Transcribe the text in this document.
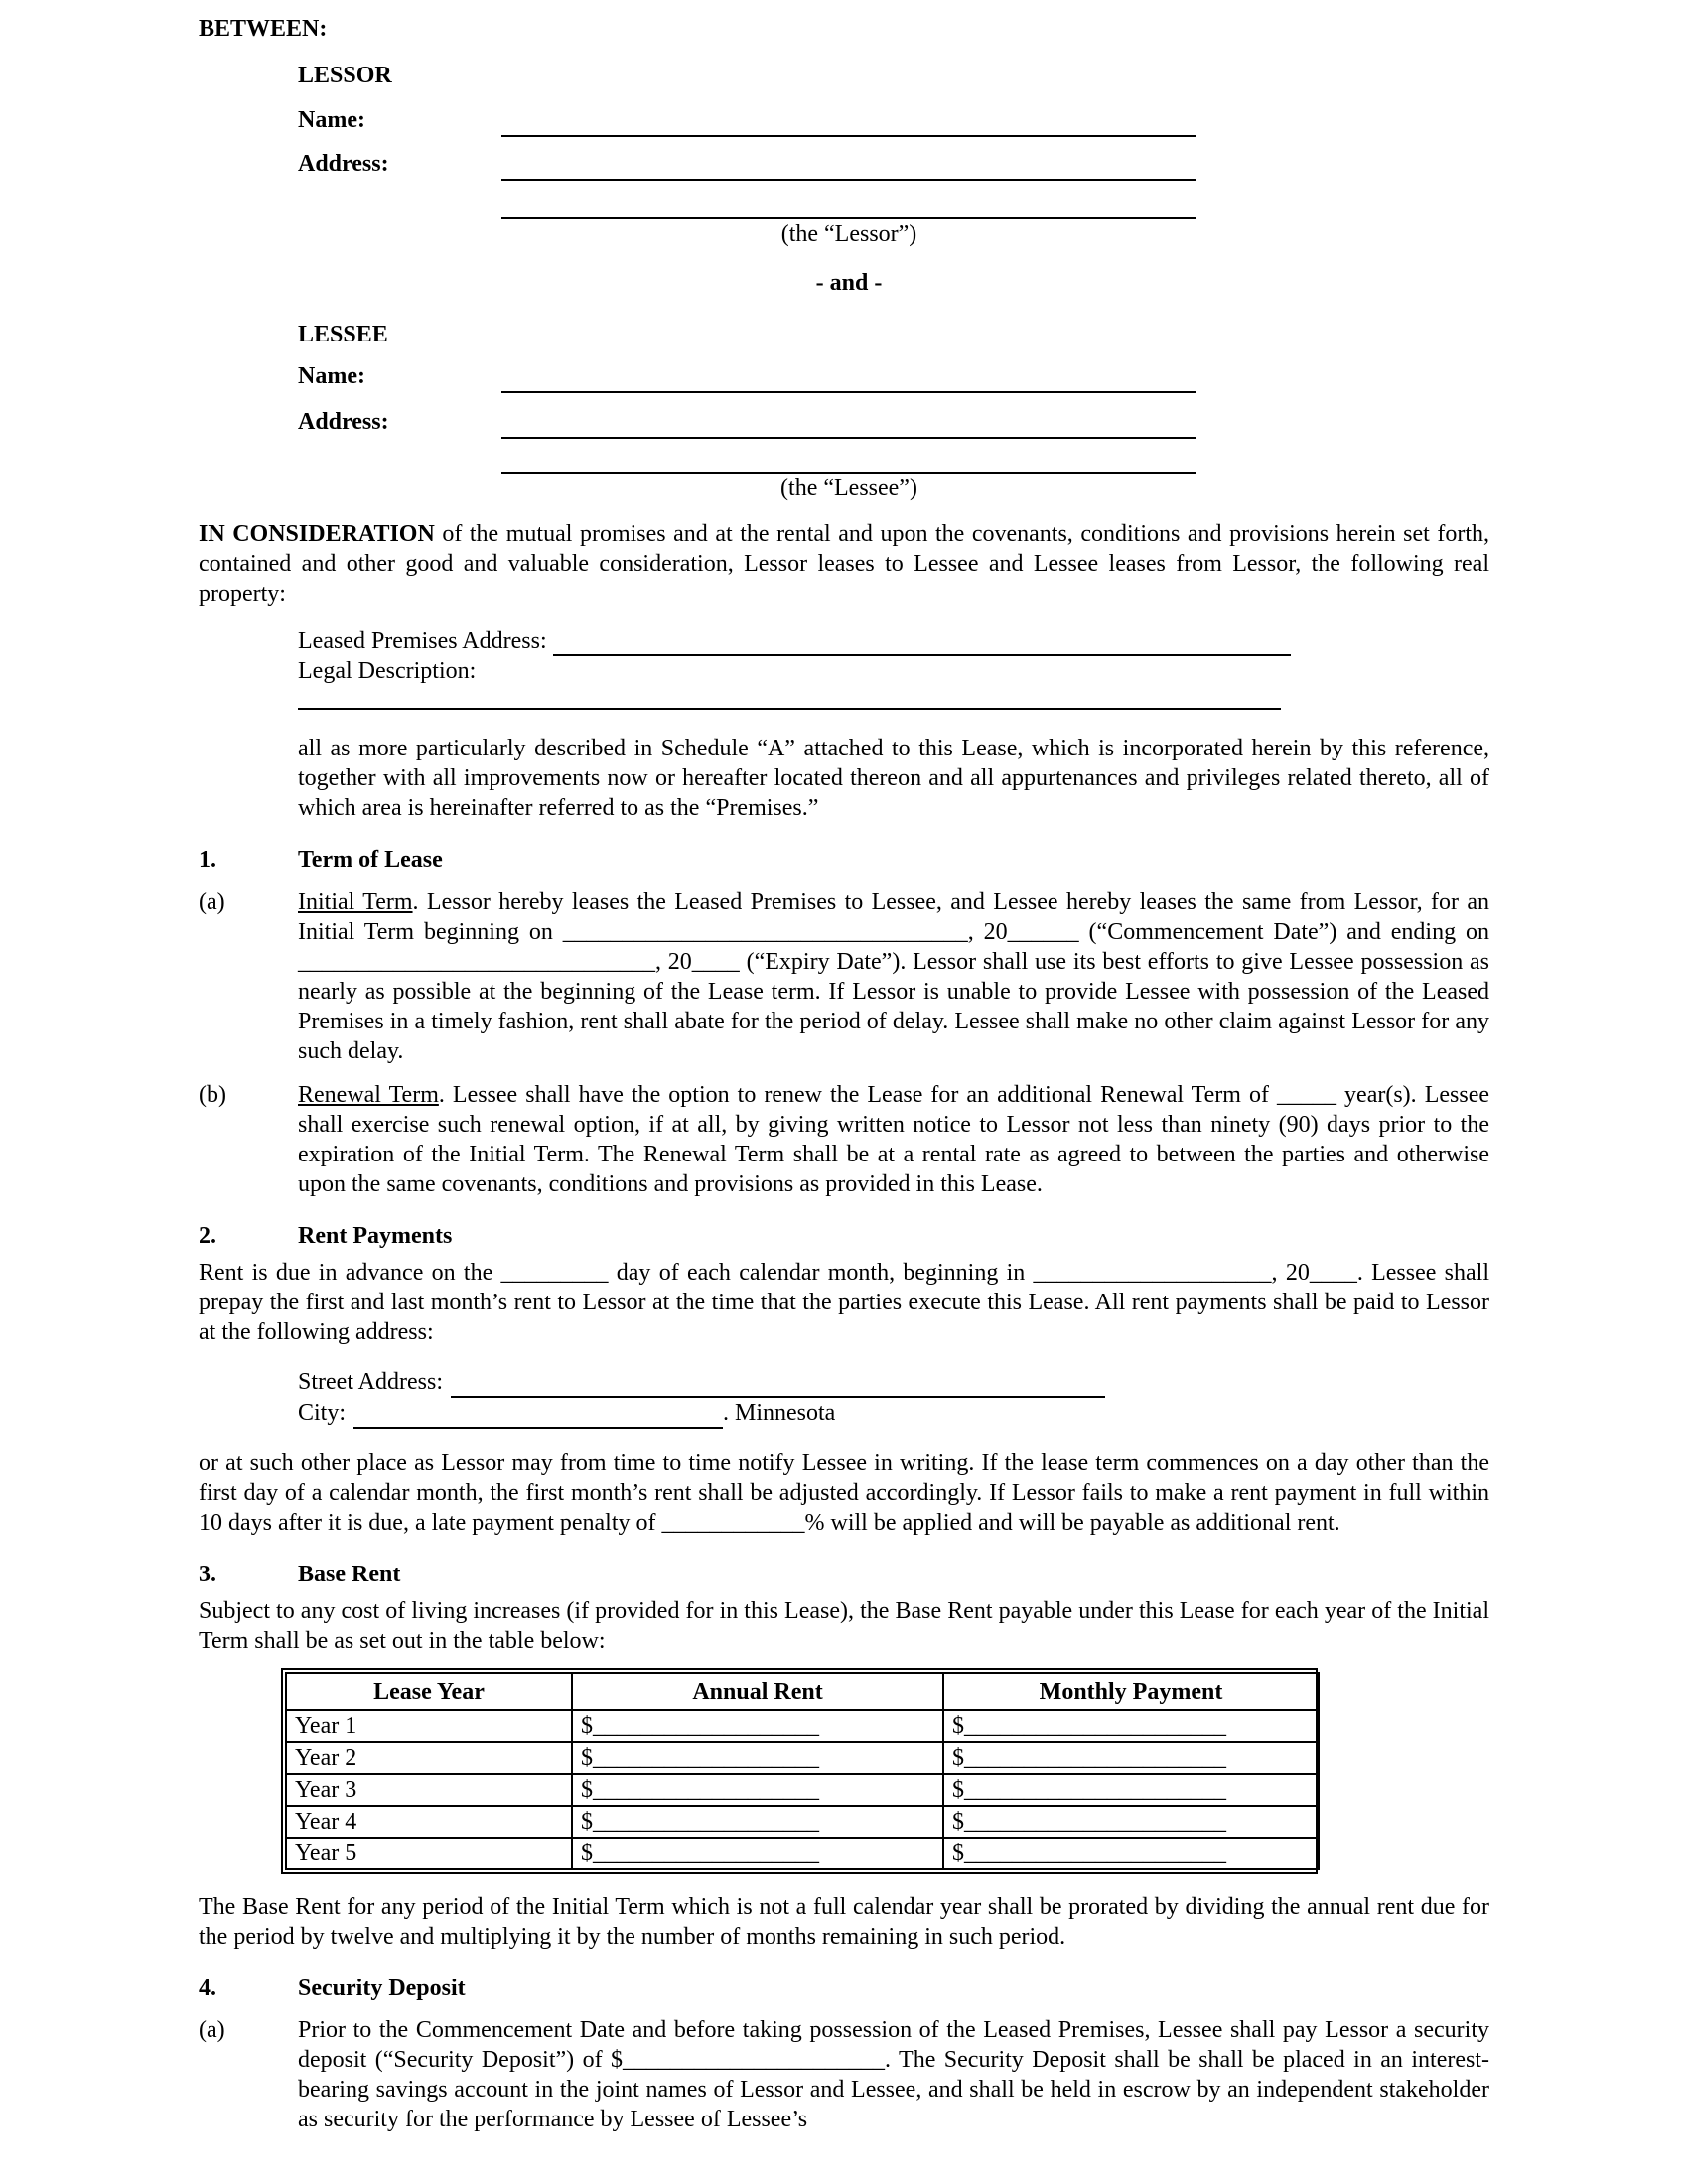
BETWEEN:
LESSOR
Name:
Address:
(the “Lessor”)
- and -
LESSEE
Name:
Address:
(the “Lessee”)
IN CONSIDERATION of the mutual promises and at the rental and upon the covenants, conditions and provisions herein set forth, contained and other good and valuable consideration, Lessor leases to Lessee and Lessee leases from Lessor, the following real property:
Leased Premises Address:
Legal Description:
all as more particularly described in Schedule “A” attached to this Lease, which is incorporated herein by this reference, together with all improvements now or hereafter located thereon and all appurtenances and privileges related thereto, all of which area is hereinafter referred to as the “Premises.”
1.	Term of Lease
(a)	Initial Term. Lessor hereby leases the Leased Premises to Lessee, and Lessee hereby leases the same from Lessor, for an Initial Term beginning on __________________________________, 20______ (“Commencement Date”) and ending on ______________________________, 20____ (“Expiry Date”). Lessor shall use its best efforts to give Lessee possession as nearly as possible at the beginning of the Lease term. If Lessor is unable to provide Lessee with possession of the Leased Premises in a timely fashion, rent shall abate for the period of delay. Lessee shall make no other claim against Lessor for any such delay.
(b)	Renewal Term. Lessee shall have the option to renew the Lease for an additional Renewal Term of _____ year(s). Lessee shall exercise such renewal option, if at all, by giving written notice to Lessor not less than ninety (90) days prior to the expiration of the Initial Term. The Renewal Term shall be at a rental rate as agreed to between the parties and otherwise upon the same covenants, conditions and provisions as provided in this Lease.
2.	Rent Payments
Rent is due in advance on the _________ day of each calendar month, beginning in ____________________, 20____. Lessee shall prepay the first and last month’s rent to Lessor at the time that the parties execute this Lease. All rent payments shall be paid to Lessor at the following address:
Street Address:
City:	. Minnesota
or at such other place as Lessor may from time to time notify Lessee in writing. If the lease term commences on a day other than the first day of a calendar month, the first month’s rent shall be adjusted accordingly. If Lessor fails to make a rent payment in full within 10 days after it is due, a late payment penalty of ____________% will be applied and will be payable as additional rent.
3.	Base Rent
Subject to any cost of living increases (if provided for in this Lease), the Base Rent payable under this Lease for each year of the Initial Term shall be as set out in the table below:
Lease Year	Annual Rent	Monthly Payment
Year 1	$___________________	$______________________
Year 2	$___________________	$______________________
Year 3	$___________________	$______________________
Year 4	$___________________	$______________________
Year 5	$___________________	$______________________
The Base Rent for any period of the Initial Term which is not a full calendar year shall be prorated by dividing the annual rent due for the period by twelve and multiplying it by the number of months remaining in such period.
4.	Security Deposit
(a)	Prior to the Commencement Date and before taking possession of the Leased Premises, Lessee shall pay Lessor a security deposit (“Security Deposit”) of $______________________. The Security Deposit shall be shall be placed in an interest-bearing savings account in the joint names of Lessor and Lessee, and shall be held in escrow by an independent stakeholder as security for the performance by Lessee of Lessee’s
